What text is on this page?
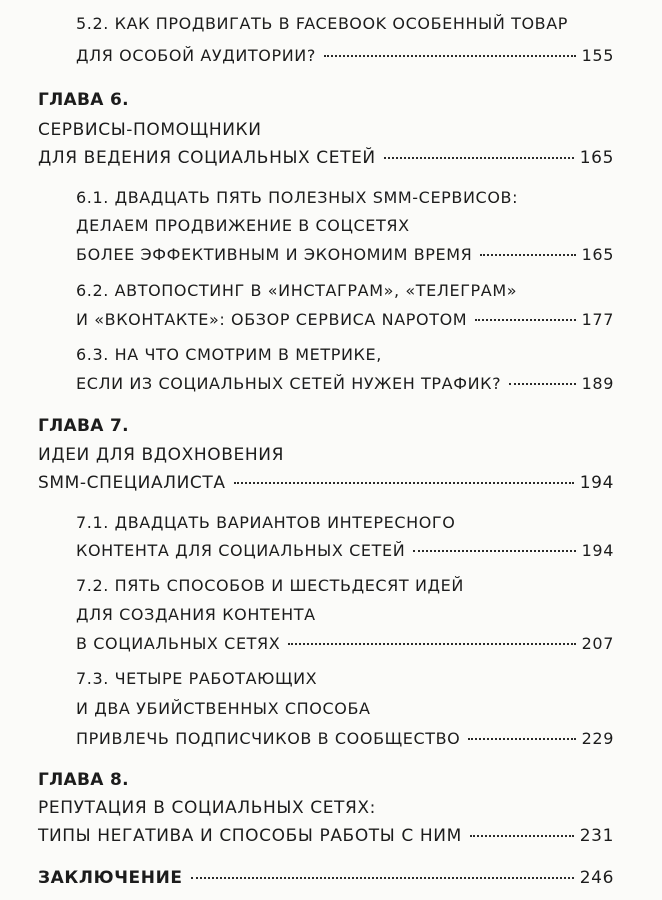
5.2. КАК ПРОДВИГАТЬ В FACEBOOK ОСОБЕННЫЙ ТОВАР
ДЛЯ ОСОБОЙ АУДИТОРИИ?	155
ГЛАВА 6.
СЕРВИСЫ-ПОМОЩНИКИ
ДЛЯ ВЕДЕНИЯ СОЦИАЛЬНЫХ СЕТЕЙ	165
6.1. ДВАДЦАТЬ ПЯТЬ ПОЛЕЗНЫХ SMM-СЕРВИСОВ:
ДЕЛАЕМ ПРОДВИЖЕНИЕ В СОЦСЕТЯХ
БОЛЕЕ ЭФФЕКТИВНЫМ И ЭКОНОМИМ ВРЕМЯ	165
6.2. АВТОПОСТИНГ В «ИНСТАГРАМ», «ТЕЛЕГРАМ»
И «ВКОНТАКТЕ»: ОБЗОР СЕРВИСА NAPOTOM	177
6.3. НА ЧТО СМОТРИМ В МЕТРИКЕ,
ЕСЛИ ИЗ СОЦИАЛЬНЫХ СЕТЕЙ НУЖЕН ТРАФИК?	189
ГЛАВА 7.
ИДЕИ ДЛЯ ВДОХНОВЕНИЯ
SMM-СПЕЦИАЛИСТА	194
7.1. ДВАДЦАТЬ ВАРИАНТОВ ИНТЕРЕСНОГО
КОНТЕНТА ДЛЯ СОЦИАЛЬНЫХ СЕТЕЙ	194
7.2. ПЯТЬ СПОСОБОВ И ШЕСТЬДЕСЯТ ИДЕЙ
ДЛЯ СОЗДАНИЯ КОНТЕНТА
В СОЦИАЛЬНЫХ СЕТЯХ	207
7.3. ЧЕТЫРЕ РАБОТАЮЩИХ
И ДВА УБИЙСТВЕННЫХ СПОСОБА
ПРИВЛЕЧЬ ПОДПИСЧИКОВ В СООБЩЕСТВО	229
ГЛАВА 8.
РЕПУТАЦИЯ В СОЦИАЛЬНЫХ СЕТЯХ:
ТИПЫ НЕГАТИВА И СПОСОБЫ РАБОТЫ С НИМ	231
ЗАКЛЮЧЕНИЕ	246
